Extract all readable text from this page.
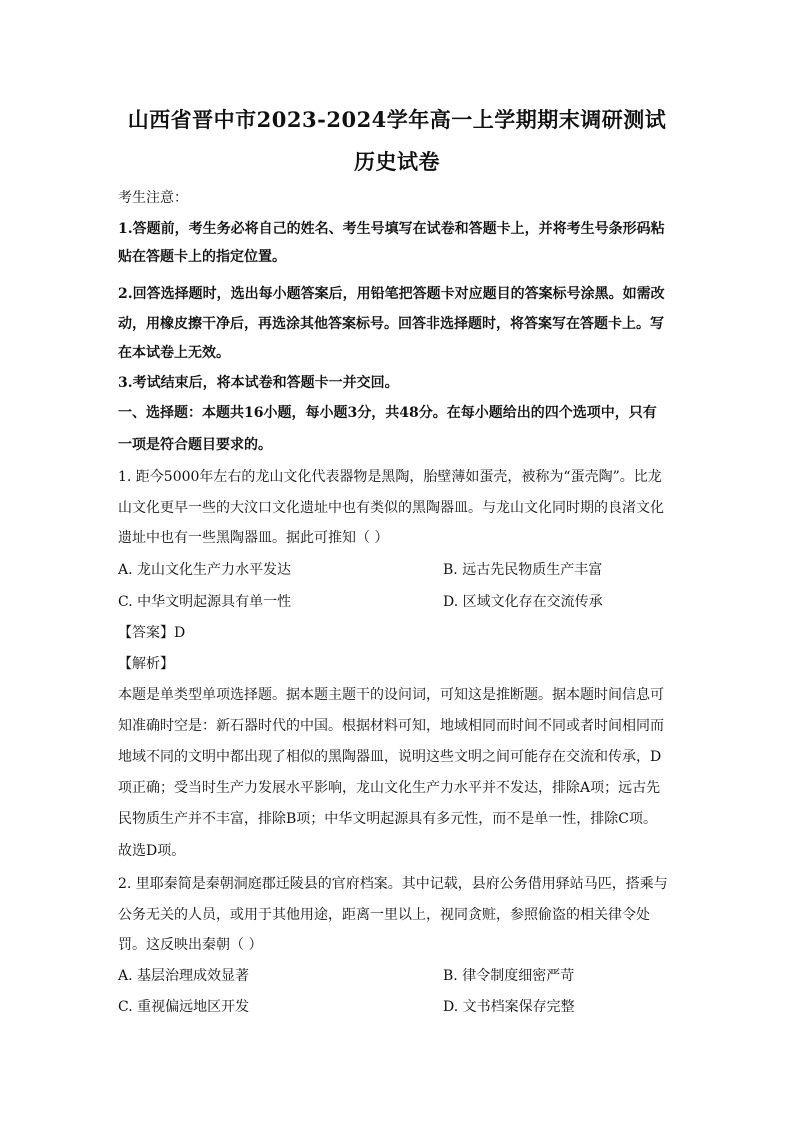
山西省晋中市2023-2024学年高一上学期期末调研测试
历史试卷
考生注意：
1.答题前，考生务必将自己的姓名、考生号填写在试卷和答题卡上，并将考生号条形码粘
贴在答题卡上的指定位置。
2.回答选择题时，选出每小题答案后，用铅笔把答题卡对应题目的答案标号涂黑。如需改
动，用橡皮擦干净后，再选涂其他答案标号。回答非选择题时，将答案写在答题卡上。写
在本试卷上无效。
3.考试结束后，将本试卷和答题卡一并交回。
一、选择题：本题共16小题，每小题3分，共48分。在每小题给出的四个选项中，只有
一项是符合题目要求的。
1. 距今5000年左右的龙山文化代表器物是黑陶，胎壁薄如蛋壳，被称为“蛋壳陶”。比龙
山文化更早一些的大汶口文化遗址中也有类似的黑陶器皿。与龙山文化同时期的良渚文化
遗址中也有一些黑陶器皿。据此可推知（ ）
A. 龙山文化生产力水平发达	B. 远古先民物质生产丰富
C. 中华文明起源具有单一性	D. 区域文化存在交流传承
【答案】D
【解析】
本题是单类型单项选择题。据本题主题干的设问词，可知这是推断题。据本题时间信息可
知准确时空是：新石器时代的中国。根据材料可知，地域相同而时间不同或者时间相同而
地域不同的文明中都出现了相似的黑陶器皿，说明这些文明之间可能存在交流和传承，D
项正确；受当时生产力发展水平影响，龙山文化生产力水平并不发达，排除A项；远古先
民物质生产并不丰富，排除B项；中华文明起源具有多元性，而不是单一性，排除C项。
故选D项。
2. 里耶秦简是秦朝洞庭郡迁陵县的官府档案。其中记载，县府公务借用驿站马匹，搭乘与
公务无关的人员，或用于其他用途，距离一里以上，视同贪赃，参照偷盗的相关律令处
罚。这反映出秦朝（ ）
A. 基层治理成效显著	B. 律令制度细密严苛
C. 重视偏远地区开发	D. 文书档案保存完整
